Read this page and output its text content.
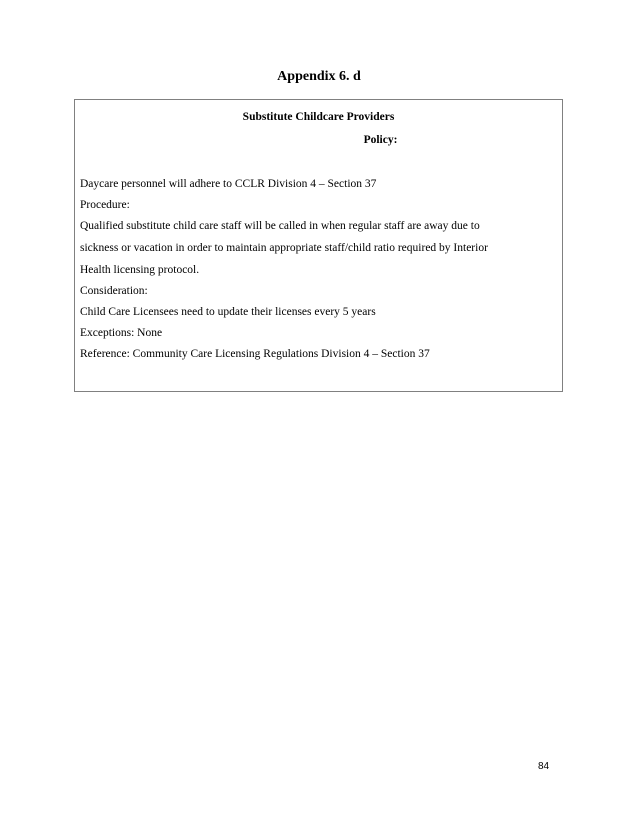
Appendix 6. d
Substitute Childcare Providers
Policy:
Daycare personnel will adhere to CCLR Division 4 – Section 37
Procedure:
Qualified substitute child care staff will be called in when regular staff are away due to
sickness or vacation in order to maintain appropriate staff/child ratio required by Interior
Health licensing protocol.
Consideration:
Child Care Licensees need to update their licenses every 5 years
Exceptions: None
Reference: Community Care Licensing Regulations Division 4 – Section 37
84
